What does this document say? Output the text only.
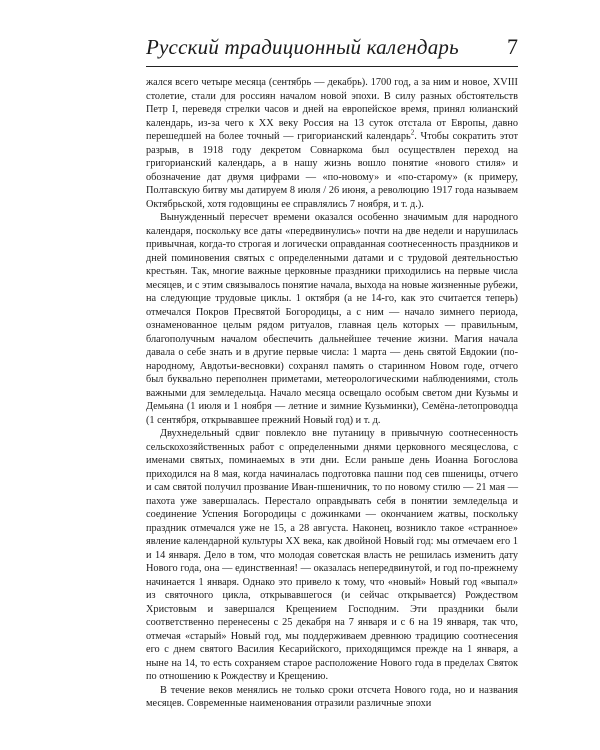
Русский традиционный календарь 7

жался всего четыре месяца (сентябрь — декабрь). 1700 год, а за ним и новое, XVIII столетие, стали для россиян началом новой эпохи. В силу разных обстоятельств Петр I, переведя стрелки часов и дней на европейское время, принял юлианский календарь, из-за чего к XX веку Россия на 13 суток отстала от Европы, давно перешедшей на более точный — григорианский календарь$^2$. Чтобы сократить этот разрыв, в 1918 году декретом Совнаркома был осуществлен переход на григорианский календарь, а в нашу жизнь вошло понятие «нового стиля» и обозначение дат двумя цифрами — «по-новому» и «по-старому» (к примеру, Полтавскую битву мы датируем 8 июля / 26 июня, а революцию 1917 года называем Октябрьской, хотя годовщины ее справлялись 7 ноября, и т. д.).

Вынужденный пересчет времени оказался особенно значимым для народного календаря, поскольку все даты «передвинулись» почти на две недели и нарушилась привычная, когда-то строгая и логически оправданная соотнесенность праздников и дней поминовения святых с определенными датами и с трудовой деятельностью крестьян. Так, многие важные церковные праздники приходились на первые числа месяцев, и с этим связывалось понятие начала, выхода на новые жизненные рубежи, на следующие трудовые циклы. 1 октября (а не 14-го, как это считается теперь) отмечался Покров Пресвятой Богородицы, а с ним — начало зимнего периода, ознаменованное целым рядом ритуалов, главная цель которых — правильным, благополучным началом обеспечить дальнейшее течение жизни. Магия начала давала о себе знать и в другие первые числа: 1 марта — день святой Евдокии (по-народному, Авдотьи-весновки) сохранял память о старинном Новом годе, отчего был буквально переполнен приметами, метеорологическими наблюдениями, столь важными для земледельца. Начало месяца освещало особым светом дни Кузьмы и Демьяна (1 июля и 1 ноября — летние и зимние Кузьминки), Семёна-летопроводца (1 сентября, открывавшее прежний Новый год) и т. д.

Двухнедельный сдвиг повлекло вне путаницу в привычную соотнесенность сельскохозяйственных работ с определенными днями церковного месяцеслова, с именами святых, поминаемых в эти дни. Если раньше день Иоанна Богослова приходился на 8 мая, когда начиналась подготовка пашни под сев пшеницы, отчего и сам святой получил прозвание Иван-пшеничник, то по новому стилю — 21 мая — пахота уже завершалась. Перестало оправдывать себя в понятии земледельца и соединение Успения Богородицы с дожинками — окончанием жатвы, поскольку праздник отмечался уже не 15, а 28 августа. Наконец, возникло такое «странное» явление календарной культуры XX века, как двойной Новый год: мы отмечаем его 1 и 14 января. Дело в том, что молодая советская власть не решилась изменить дату Нового года, она — единственная! — оказалась непередвинутой, и год по-прежнему начинается 1 января. Однако это привело к тому, что «новый» Новый год «выпал» из святочного цикла, открывавшегося (и сейчас открывается) Рождеством Христовым и завершался Крещением Господним. Эти праздники были соответственно перенесены с 25 декабря на 7 января и с 6 на 19 января, так что, отмечая «старый» Новый год, мы поддерживаем древнюю традицию соотнесения его с днем святого Василия Кесарийского, приходящимся прежде на 1 января, а ныне на 14, то есть сохраняем старое расположение Нового года в пределах Святок по отношению к Рождеству и Крещению.

В течение веков менялись не только сроки отсчета Нового года, но и названия месяцев. Современные наименования отразили различные эпохи
